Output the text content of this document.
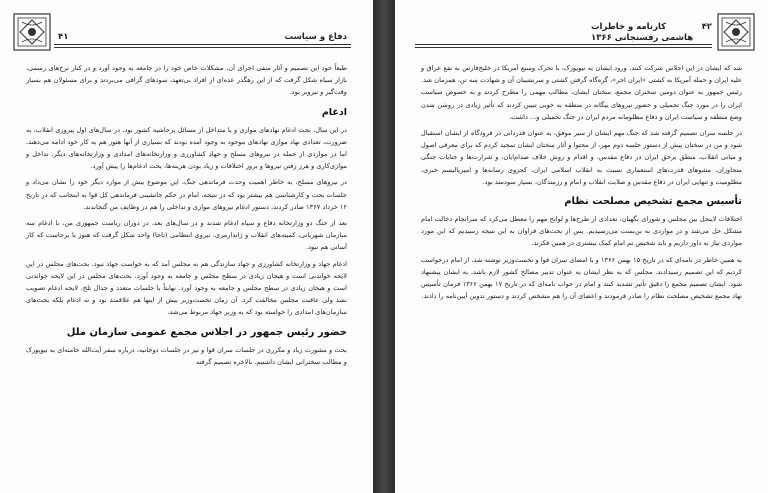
۴۱	دفاع و سیاست

طبعاً خود این تصمیم و آثار منفی اجرای آن، مشکلات خاص خود را در جامعه به وجود آورد و در کنار نرخ‌های رسمی، بازار سیاه شکل گرفت که از این رهگذر عده‌ای از افراد بی‌تعهد، سودهای گزافی می‌بردند و برای مسئولان هم بسیار وقت‌گیر و نیروبر بود.

ادغام

در این سال، بحث ادغام نهادهای موازی و یا متداخل از مسائل پرحاشیه کشور بود. در سال‌های اول پیروزی انقلاب، به ضرورت، تعدادی نهاد موازی نهادهای موجود به وجود آمده بودند که بسیاری از آنها هنوز هم به کار خود ادامه می‌دهند. اما در مواردی از جمله در نیروهای مسلح و جهاد کشاورزی و وزارتخانه‌های امدادی و وزارتخانه‌های دیگر، تداخل و موازی‌کاری و هرز رفتن نیروها و بروز اختلافات و زیاد بودن هزینه‌ها، بحث ادغام‌ها را پیش آورد.

در نیروهای مسلح، به خاطر اهمیت وحدت فرماندهی جنگ، این موضوع بیش از موارد دیگر خود را نشان می‌داد و جلسات بحث و کارشناسی هم بیشتر بود که در نتیجه، امام در حکم جانشینی فرماندهی کل قوا به اینجانب که در تاریخ ۱۲ خرداد ۱۳۶۷ صادر کردند، دستور ادغام نیروهای موازی و تداخلی را هم در وظایف من گنجاندند.

بعد از جنگ دو وزارتخانه دفاع و سپاه ادغام شدند و در سال‌های بعد، در دوران ریاست جمهوری من، با ادغام سه سازمان شهربانی، کمیته‌های انقلاب و ژاندارمری، نیروی انتظامی (ناجا) واحد شکل گرفت که هنوز با برجاست که کار آسانی هم نبود.

ادغام جهاد و وزارتخانه کشاورزی و جهاد سازندگی هم به مجلس آمد که به خواست جهاد نبود. بحث‌های مجلس در این لایحه خواندنی است و هیجان زیادی در سطح مجلس و جامعه به وجود آورد. بحث‌های مجلس در این لایحه خواندنی است و هیجان زیادی در سطح مجلس و جامعه به وجود آورد. نهایتاً با جلسات متعدد و جدال تلخ، لایحه ادغام تصویب نشد ولی عاقبت مجلس مخالفت کرد. آن زمان نخست‌وزیر بیش از اینها هم علاقمند بود و نه ادغام بلکه بحث‌های سازمان‌های امدادی را خواسته بود که به وزیر جهاد مربوط می‌شد.

حضور رئیس جمهور در اجلاس مجمع عمومی سازمان ملل

بحث و مشورت زیاد و مکرری در جلسات سران قوا و نیز در جلسات دوجانبه، درباره سفر آیت‌الله خامنه‌ای به نیویورک و مطالب سخنرانی ایشان داشتیم. بالاخره تصمیم گرفته

کارنامه و خاطرات
هاشمی رفسنجانی ۱۳۶۶
۴۲

شد که ایشان در این اجلاس شرکت کنند. ورود ایشان به نیویورک، با تحرک وسیع آمریکا در خلیج‌فارس به نفع عراق و علیه ایران و حمله آمریکا به کشتی «ایران اجر»، گره‌گاه گرفتن کشتی و سرنشینان آن و شهادت سه تن، همزمان شد. رئیس جمهور به عنوان دومین سخنران مجمع، سخنان ایشان، مطالب مهمی را مطرح کردند و به خصوص سیاست ایران را در مورد جنگ تحمیلی و حضور نیروهای بیگانه در منطقه به خوبی تبیین کردند که تأثیر زیادی در روشن شدن وضع منطقه و سیاست ایران و دفاع مظلومانه مردم ایران در جنگ تحمیلی و... داشت.

در جلسه سران تصمیم گرفته شد که جنگ مهم ایشان از سیر موفق، به عنوان قدردانی در فرودگاه از ایشان استقبال شود و من در سخنان پیش از دستور جلسه دوم مهر، از محتوا و آثار سخنان ایشان تمجید کردم که برای معرفی اصول و مبانی انقلاب، منطق برحق ایران در دفاع مقدس، و اقدام و روش خلاف صدام‌ایان، و شرارت‌ها و جنایات جنگی متجاوزان، مشوهای قدرت‌های استعماری نسبت به انقلاب اسلامی ایران، کجروی رسانه‌ها و امپریالیسم خبری، مظلومیت و تنهایی ایران در دفاع مقدس و صلابت انقلاب و امام و رزمندگان، بسیار سودمند بود.

تأسیس مجمع تشخیص مصلحت نظام

اختلافات لاینحل بین مجلس و شورای نگهبان، تعدادی از طرح‌ها و لوایح مهم را معطل می‌کرد که سرانجام دخالت امام مشکل حل می‌شد و در مواردی به بن‌بست می‌رسیدیم. پس از بحث‌های فراوان به این نتیجه رسیدیم که این مورد مواردی نیاز به داور داریم و باید شخیص تم امام کمک بیشتری در همین فکرند.

به همین خاطر در نامه‌ای که در تاریخ ۱۵ بهمن ۱۳۶۶ و با امضای سران قوا و نخست‌وزیر نوشته شد، از امام درخواست کردیم که این تصمیم رسیدادند. مجلس که به نظر ایشان به عنوان تدبیر مصالح کشور لازم باشد، به ایشان پیشنهاد شود. ایشان تصمیم مجمع را دقیق تأثیر تشدید کنند و امام در جواب نامه‌ای که در تاریخ ۱۷ بهمن ۱۳۶۶ فرمان تأسیس نهاد مجمع تشخیص مصلحت نظام را صادر فرمودند و اعضای آن را هم مشخص کردند و دستور تدوین آیین‌نامه را دادند.
